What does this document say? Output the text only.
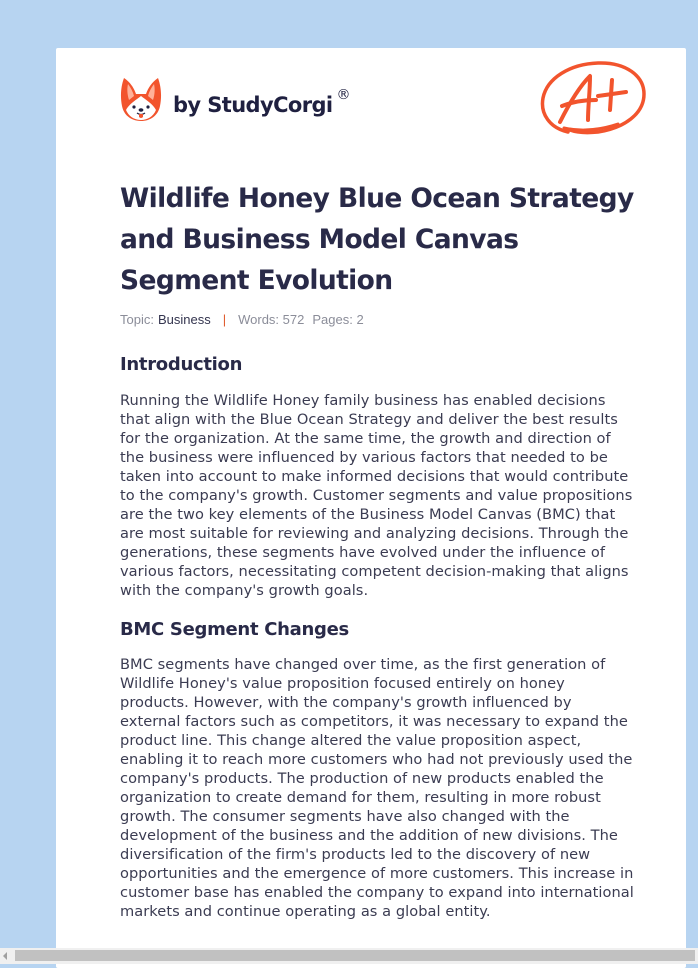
by StudyCorgi ®
Wildlife Honey Blue Ocean Strategy and Business Model Canvas Segment Evolution
Topic: Business | Words: 572 Pages: 2
Introduction

Running the Wildlife Honey family business has enabled decisions that align with the Blue Ocean Strategy and deliver the best results for the organization. At the same time, the growth and direction of the business were influenced by various factors that needed to be taken into account to make informed decisions that would contribute to the company's growth. Customer segments and value propositions are the two key elements of the Business Model Canvas (BMC) that are most suitable for reviewing and analyzing decisions. Through the generations, these segments have evolved under the influence of various factors, necessitating competent decision-making that aligns with the company's growth goals.

BMC Segment Changes

BMC segments have changed over time, as the first generation of Wildlife Honey's value proposition focused entirely on honey products. However, with the company's growth influenced by external factors such as competitors, it was necessary to expand the product line. This change altered the value proposition aspect, enabling it to reach more customers who had not previously used the company's products. The production of new products enabled the organization to create demand for them, resulting in more robust growth. The consumer segments have also changed with the development of the business and the addition of new divisions. The diversification of the firm's products led to the discovery of new opportunities and the emergence of more customers. This increase in customer base has enabled the company to expand into international markets and continue operating as a global entity.
